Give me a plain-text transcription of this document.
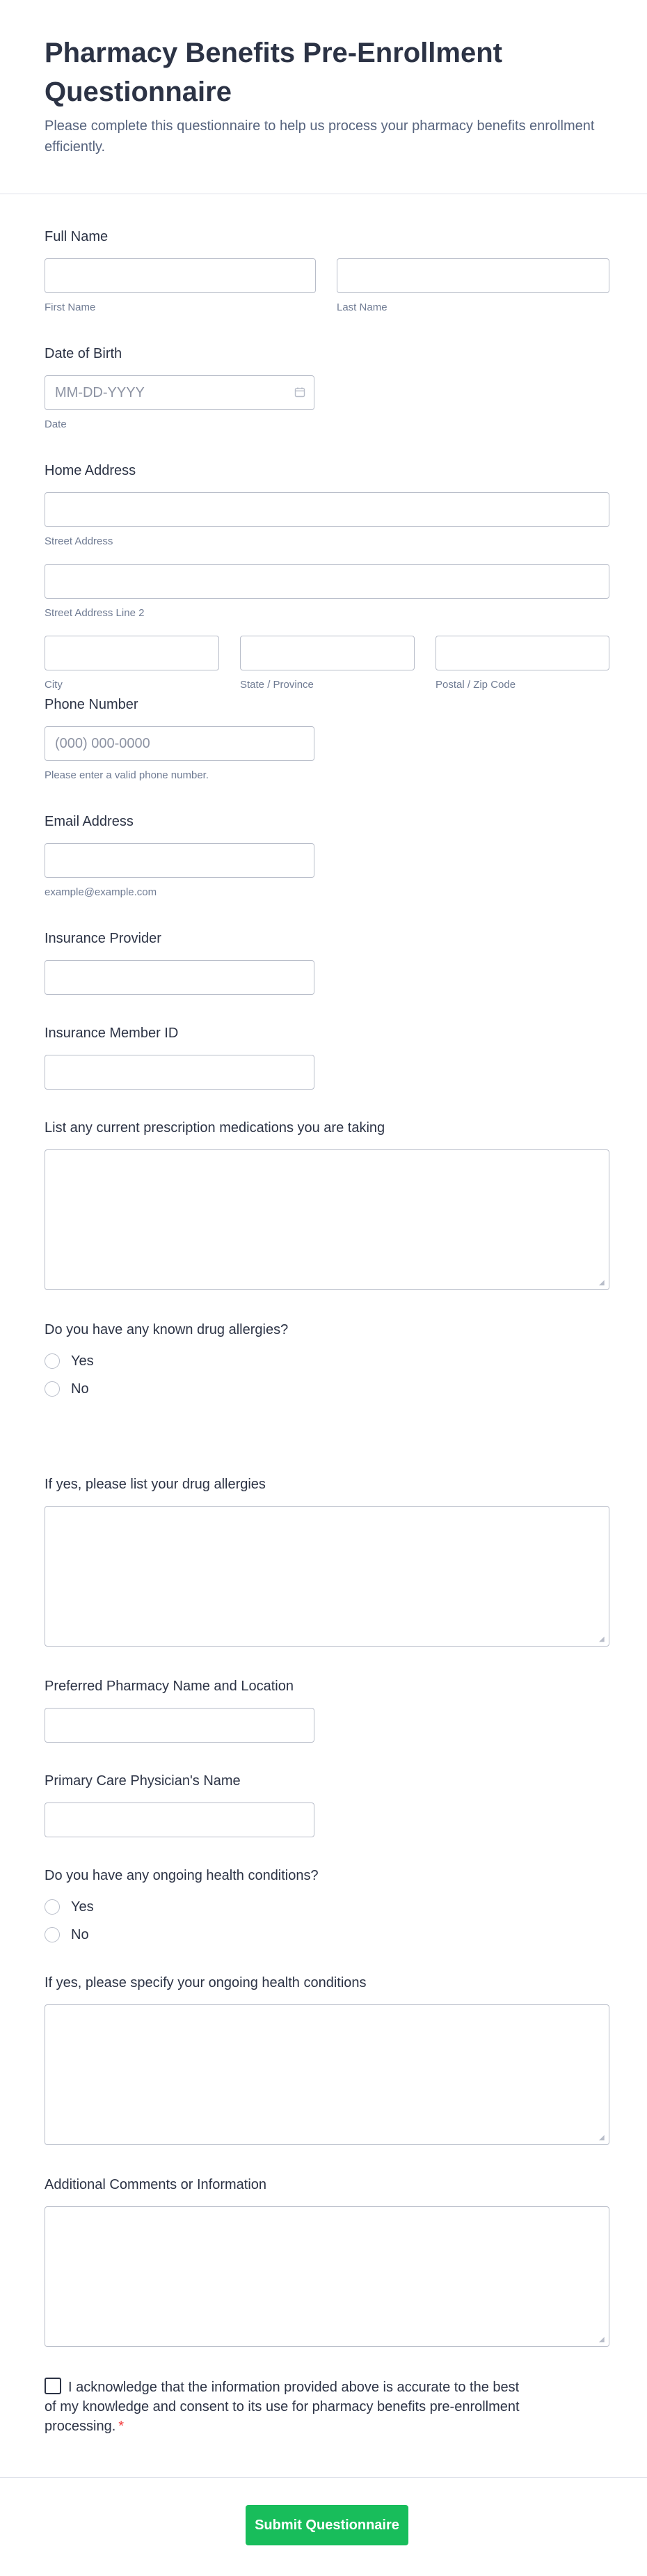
Pharmacy Benefits Pre-Enrollment Questionnaire

Please complete this questionnaire to help us process your pharmacy benefits enrollment efficiently.

Full Name
First Name	Last Name
Date of Birth
MM-DD-YYYY
Date
Home Address
Street Address
Street Address Line 2
City	State / Province	Postal / Zip Code
Phone Number
(000) 000-0000
Please enter a valid phone number.
Email Address
example@example.com
Insurance Provider
Insurance Member ID
List any current prescription medications you are taking
◢
Do you have any known drug allergies?
Yes
No
If yes, please list your drug allergies
◢
Preferred Pharmacy Name and Location
Primary Care Physician's Name
Do you have any ongoing health conditions?
Yes
No
If yes, please specify your ongoing health conditions
◢
Additional Comments or Information
◢
I acknowledge that the information provided above is accurate to the best of my knowledge and consent to its use for pharmacy benefits pre-enrollment processing. *
Submit Questionnaire
